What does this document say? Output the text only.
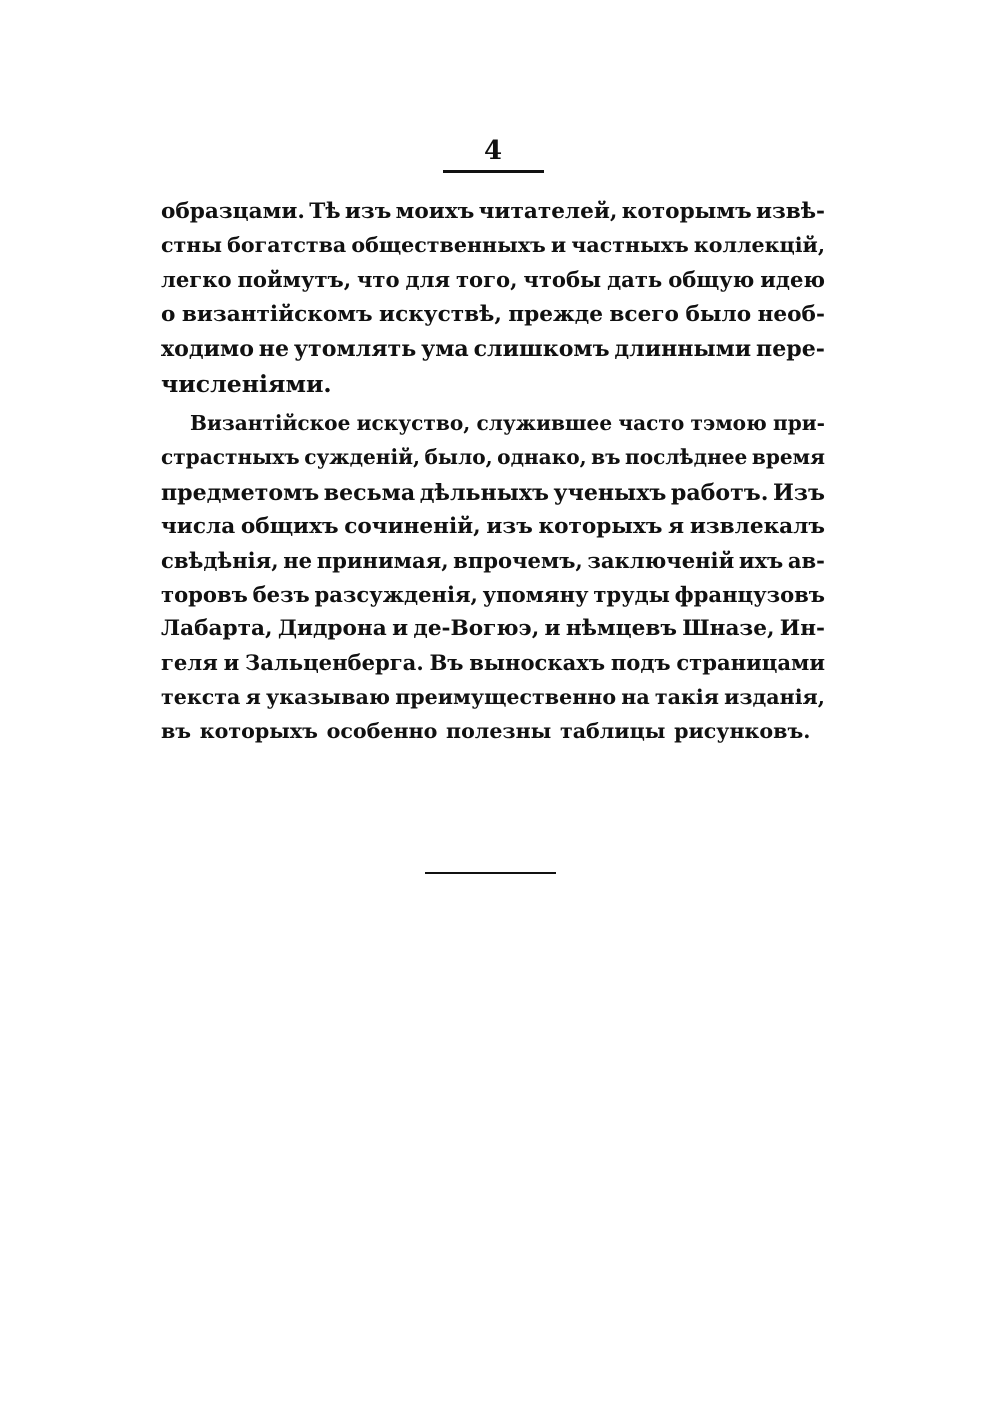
4
образцами. Тѣ изъ моихъ читателей, которымъ извѣ-
стны богатства общественныхъ и частныхъ коллекцій,
легко поймутъ, что для того, чтобы дать общую идею
о византійскомъ искуствѣ, прежде всего было необ-
ходимо не утомлять ума слишкомъ длинными пере-
численіями.
Византійское искуство, служившее часто тэмою при-
страстныхъ сужденій, было, однако, въ послѣднее время
предметомъ весьма дѣльныхъ ученыхъ работъ. Изъ
числа общихъ сочиненій, изъ которыхъ я извлекалъ
свѣдѣнія, не принимая, впрочемъ, заключеній ихъ ав-
торовъ безъ разсужденія, упомяну труды французовъ
Лабарта, Дидрона и де-Вогюэ, и нѣмцевъ Шназе, Ин-
геля и Зальценберга. Въ выноскахъ подъ страницами
текста я указываю преимущественно на такія изданія,
въ которыхъ особенно полезны таблицы рисунковъ.
